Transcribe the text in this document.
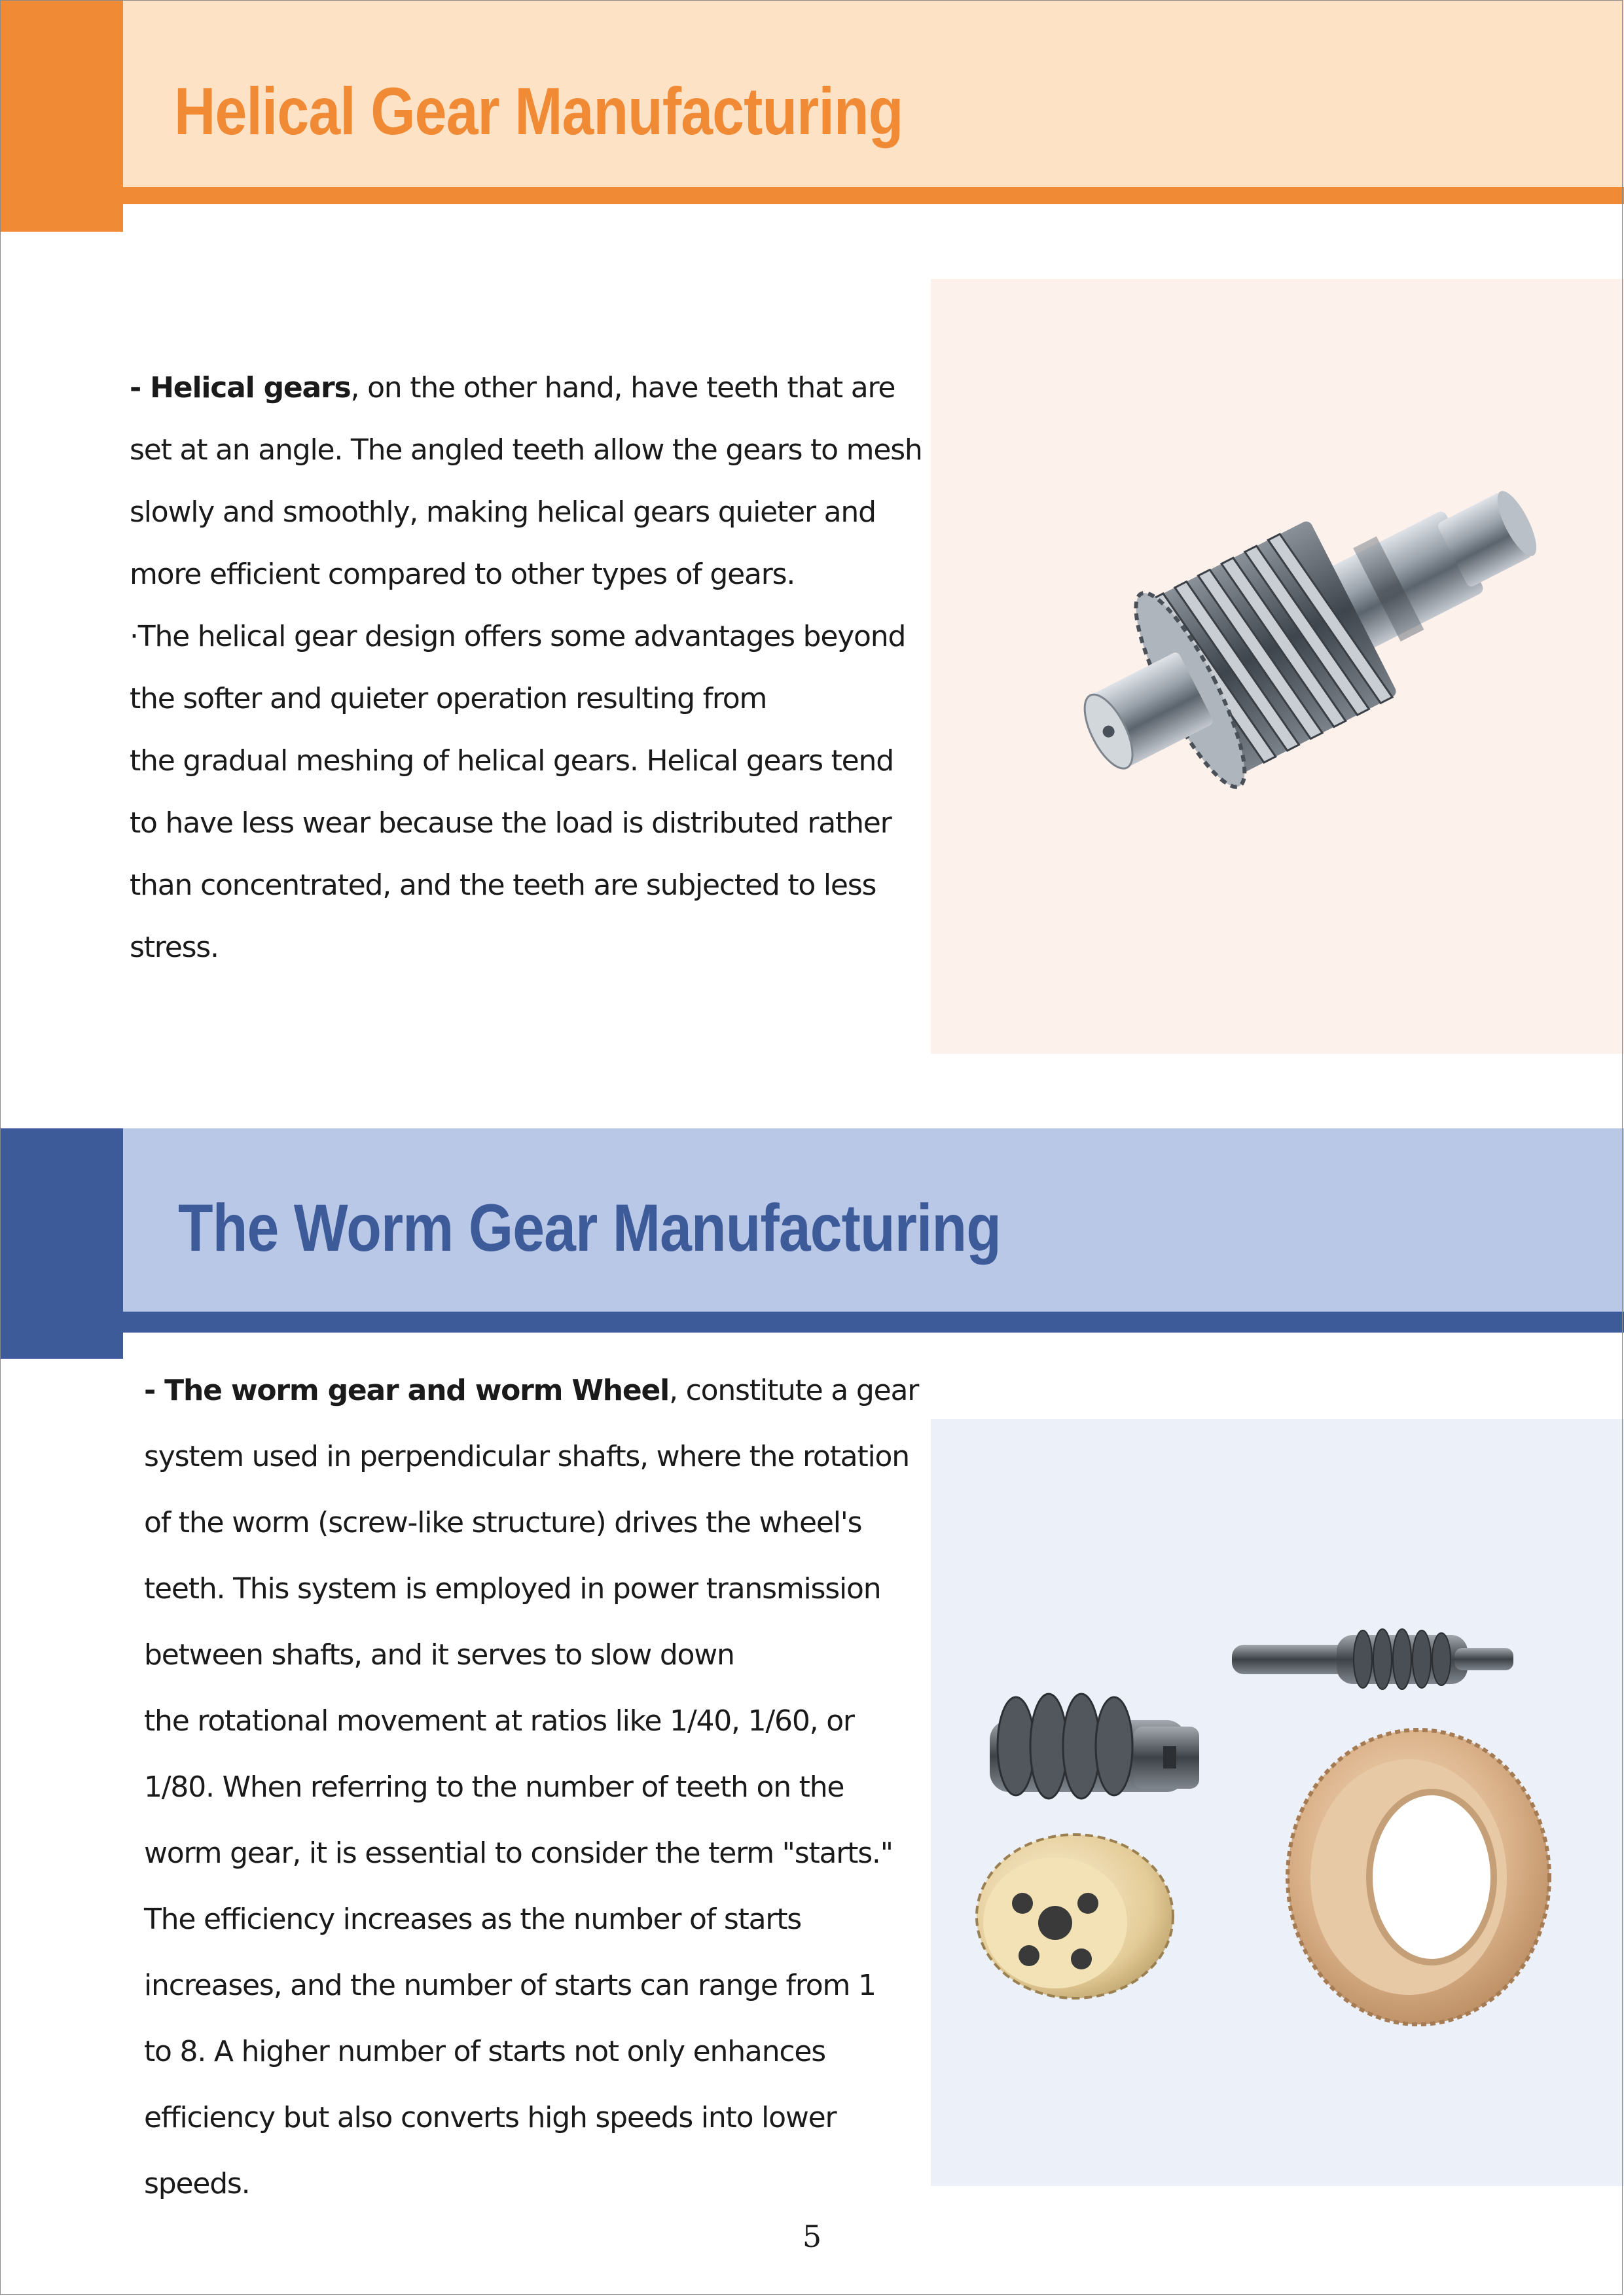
Helical Gear Manufacturing
- Helical gears, on the other hand, have teeth that are
set at an angle. The angled teeth allow the gears to mesh
slowly and smoothly, making helical gears quieter and
more efficient compared to other types of gears.
·The helical gear design offers some advantages beyond
the softer and quieter operation resulting from
the gradual meshing of helical gears. Helical gears tend
to have less wear because the load is distributed rather
than concentrated, and the teeth are subjected to less
stress.
The Worm Gear Manufacturing
- The worm gear and worm Wheel, constitute a gear
system used in perpendicular shafts, where the rotation
of the worm (screw-like structure) drives the wheel's
teeth. This system is employed in power transmission
between shafts, and it serves to slow down
the rotational movement at ratios like 1/40, 1/60, or
1/80. When referring to the number of teeth on the
worm gear, it is essential to consider the term "starts."
The efficiency increases as the number of starts
increases, and the number of starts can range from 1
to 8. A higher number of starts not only enhances
efficiency but also converts high speeds into lower
speeds.
5
